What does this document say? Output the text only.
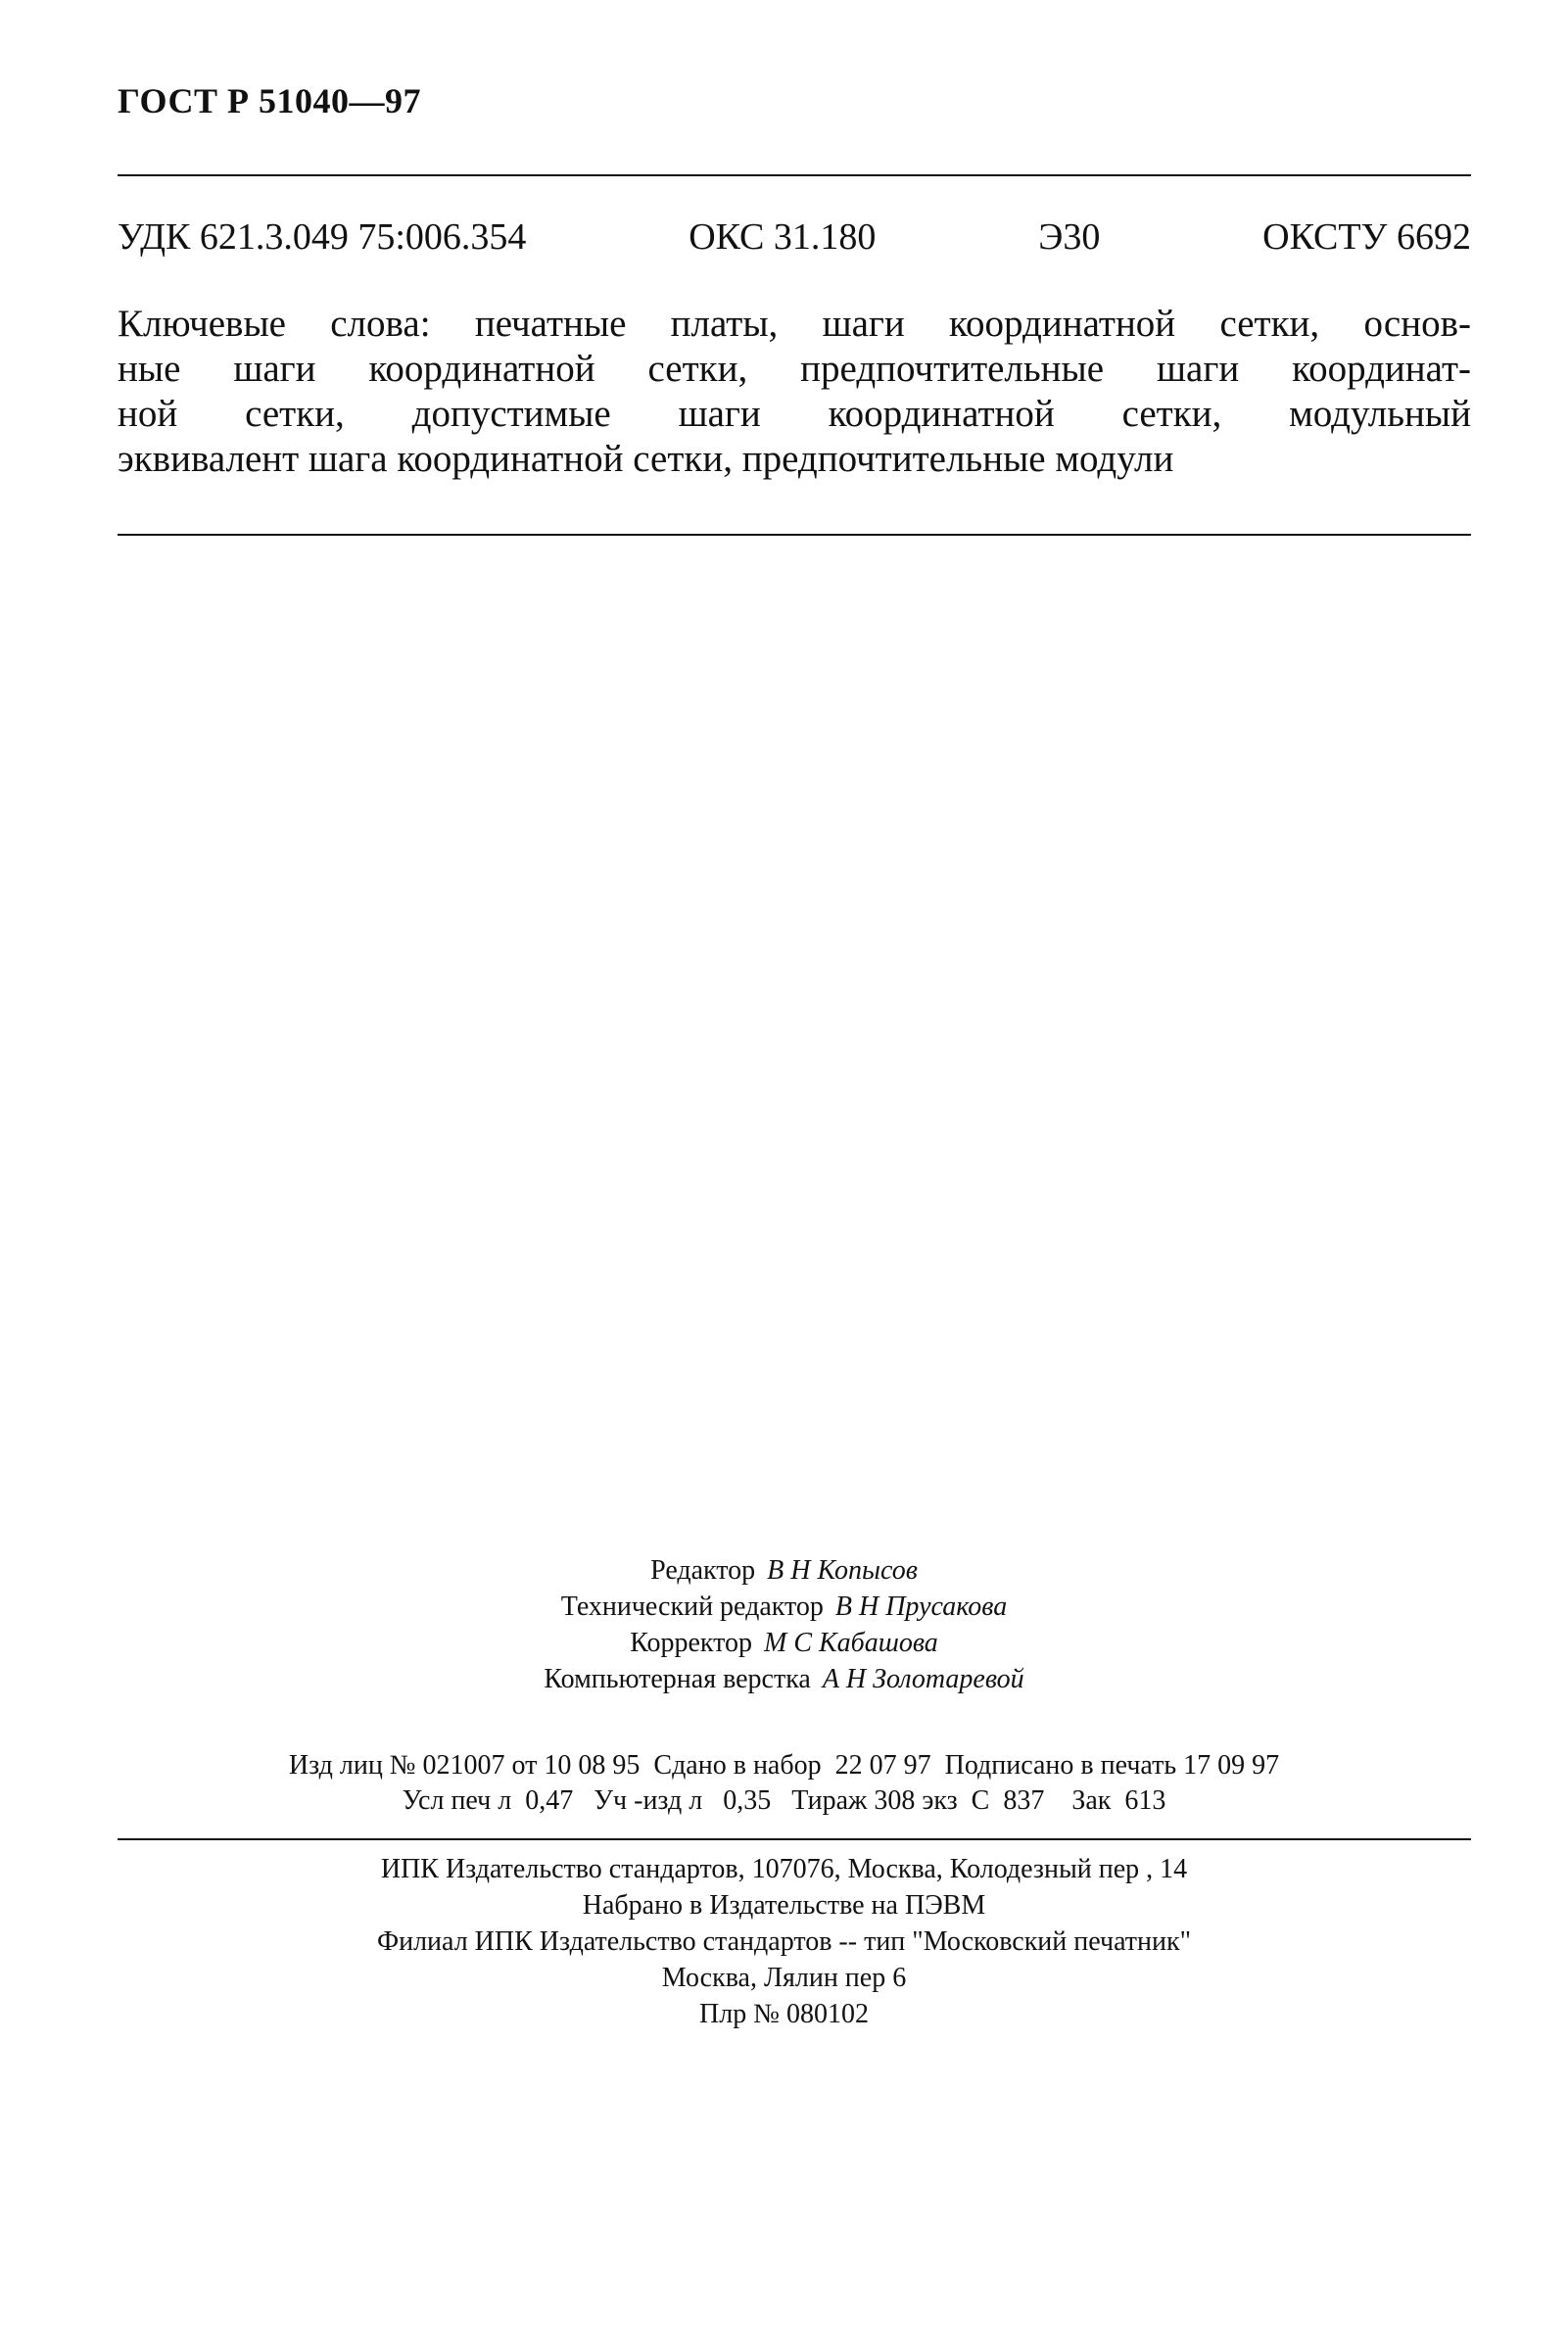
ГОСТ Р 51040—97
УДК 621.3.049 75:006.354	ОКС 31.180	Э30	ОКСТУ 6692

Ключевые слова: печатные платы, шаги координатной сетки, основ-
ные шаги координатной сетки, предпочтительные шаги координат-
ной сетки, допустимые шаги координатной сетки, модульный
эквивалент шага координатной сетки, предпочтительные модули

Редактор В Н Копысов
Технический редактор В Н Прусакова
Корректор М С Кабашова
Компьютерная верстка А Н Золотаревой
Изд лиц № 021007 от 10 08 95  Сдано в набор  22 07 97  Подписано в печать 17 09 97
Усл печ л  0,47   Уч -изд л   0,35   Тираж 308 экз  С  837    Зак  613
ИПК Издательство стандартов, 107076, Москва, Колодезный пер , 14
Набрано в Издательстве на ПЭВМ
Филиал ИПК Издательство стандартов -- тип "Московский печатник"
Москва, Лялин пер 6
Плр № 080102
